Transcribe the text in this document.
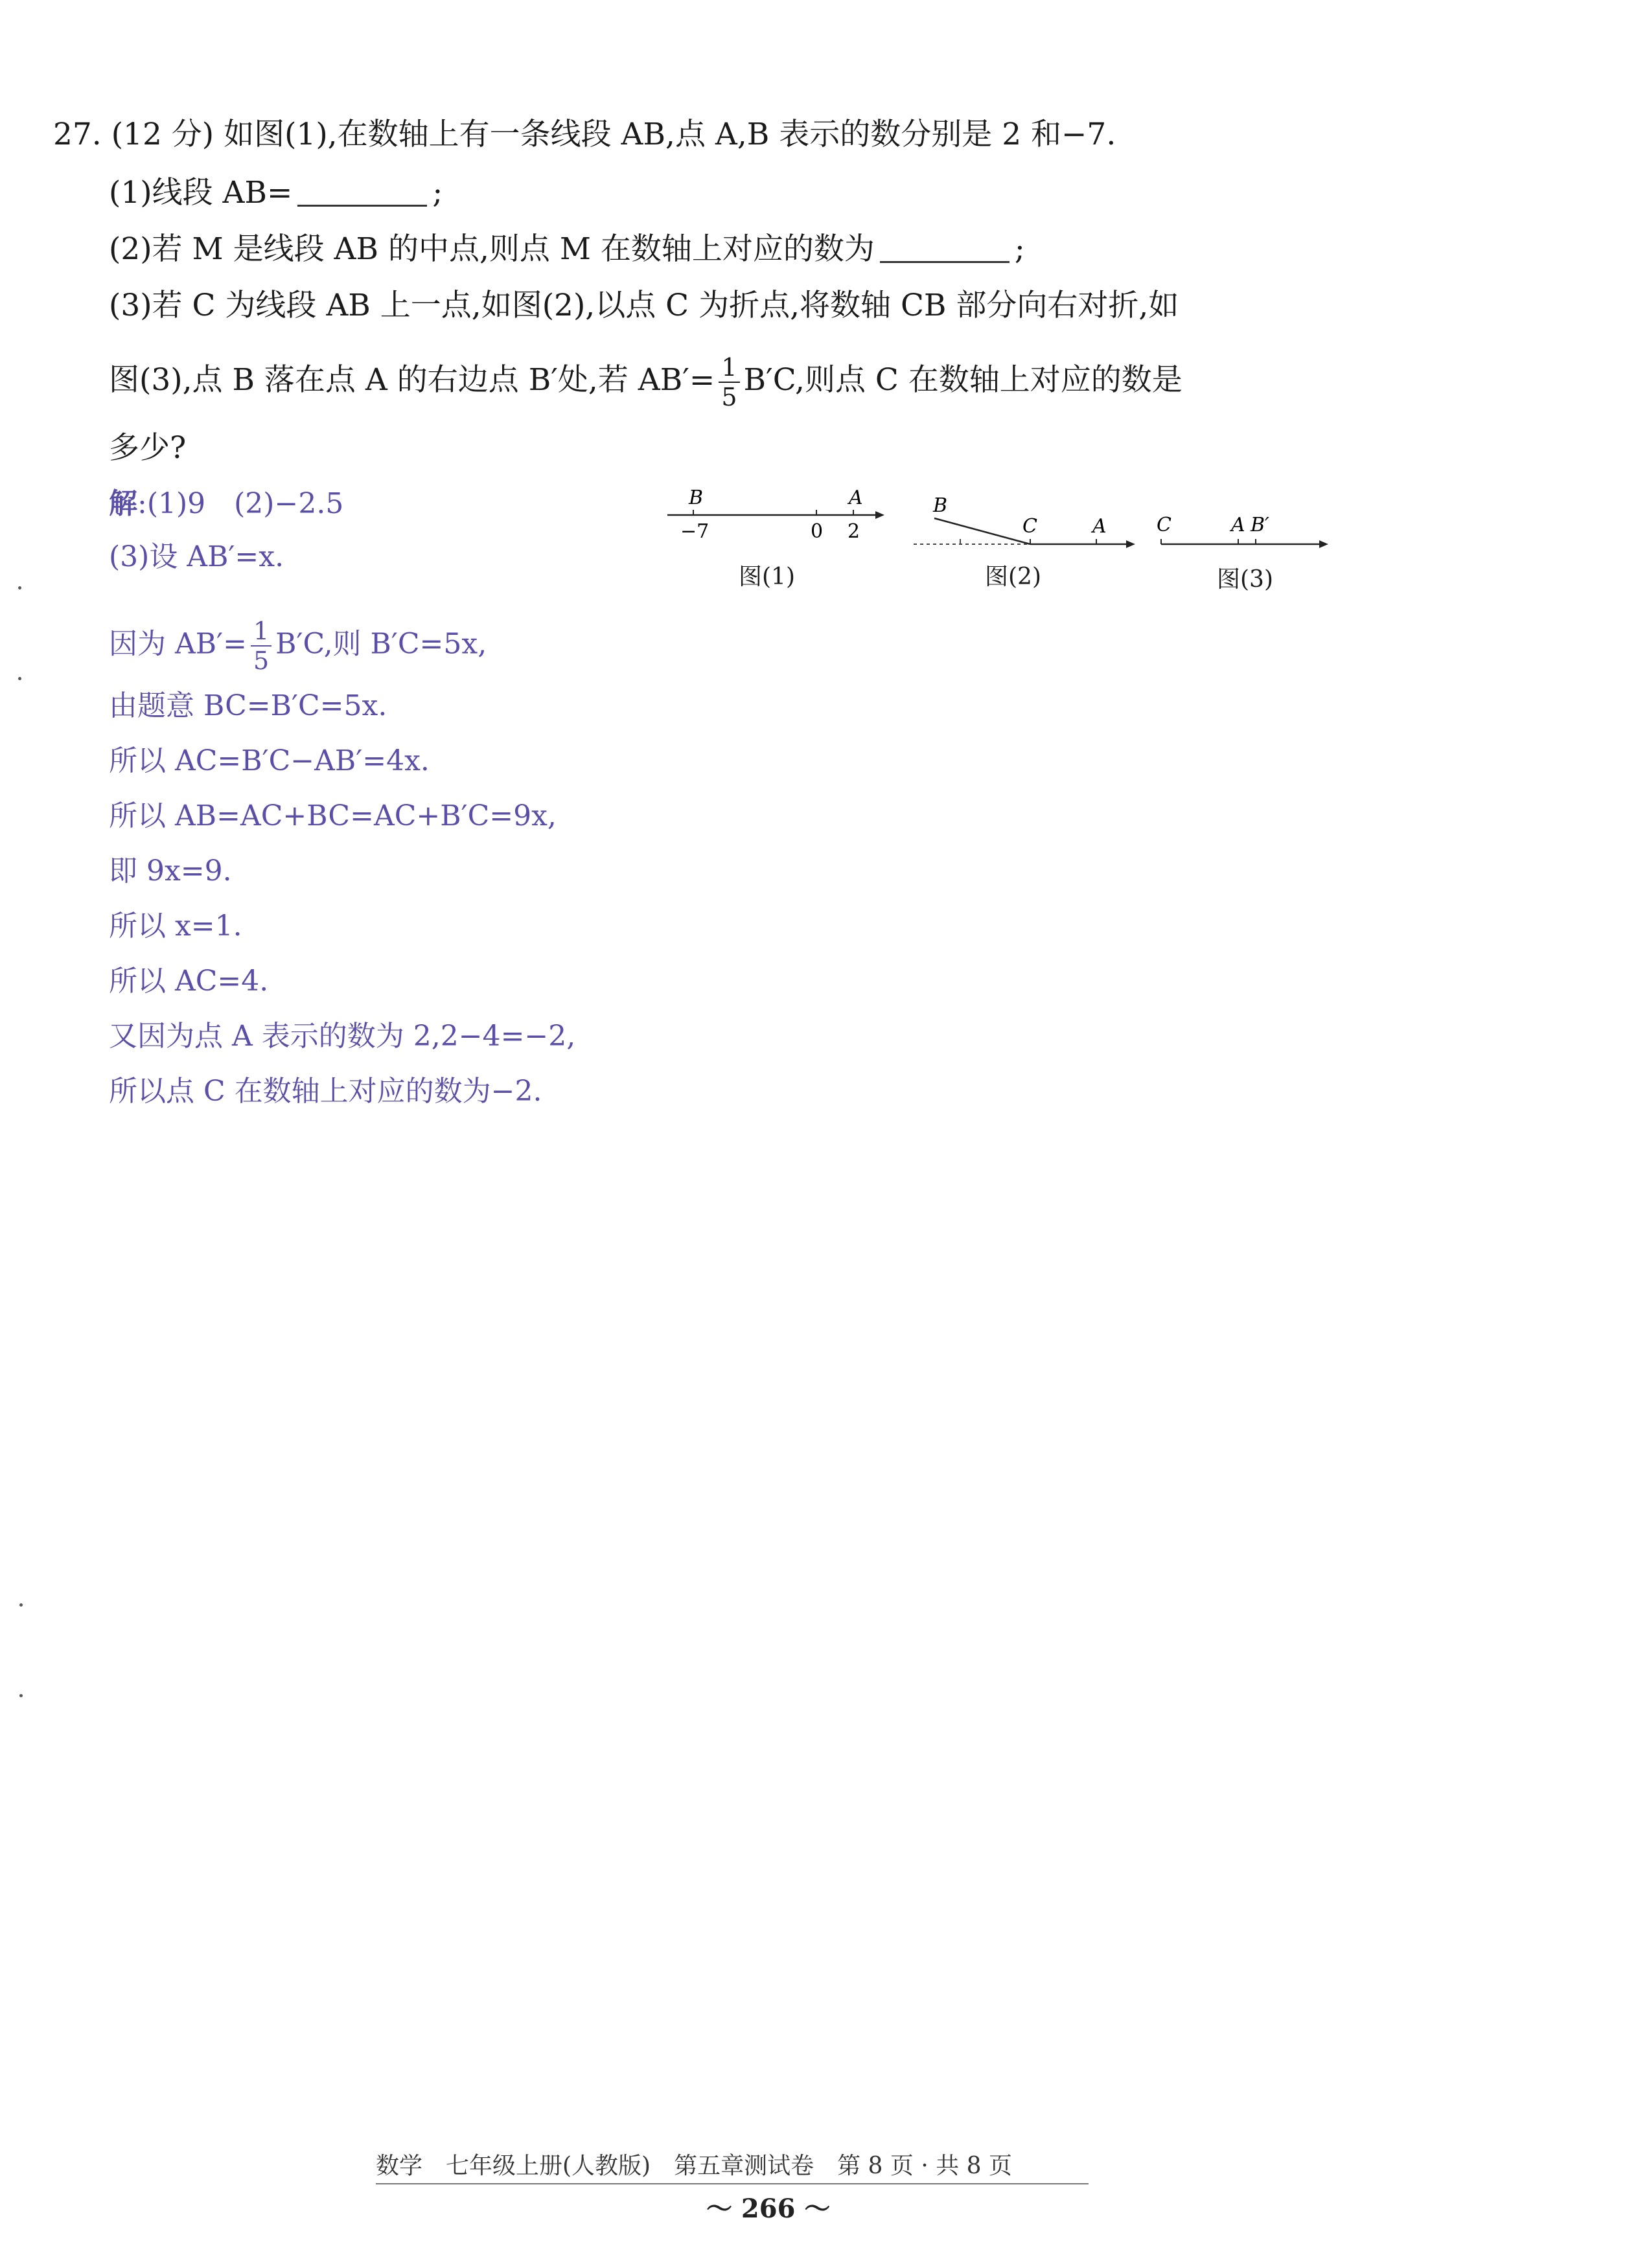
27. (12 分) 如图(1),在数轴上有一条线段 AB,点 A,B 表示的数分别是 2 和−7.
(1)线段 AB=	;
(2)若 M 是线段 AB 的中点,则点 M 在数轴上对应的数为	;
(3)若 C 为线段 AB 上一点,如图(2),以点 C 为折点,将数轴 CB 部分向右对折,如
图(3),点 B 落在点 A 的右边点 B′处,若 $AB'= \frac{1}{5} B'C$,则点 C 在数轴上对应的数是
多少?
解:(1)9　(2)−2.5
(3)设 AB′=x.
因为 $AB'= \frac{1}{5} B'C$,则 B′C=5x,
由题意 BC=B′C=5x.
所以 AC=B′C−AB′=4x.
所以 AB=AC+BC=AC+B′C=9x,
即 9x=9.
所以 x=1.
所以 AC=4.
又因为点 A 表示的数为 2,2−4=−2,
所以点 C 在数轴上对应的数为−2.
B	A
−7	0 2
图(1)
B
C	A
图(2)
C	A B′
图(3)
数学　七年级上册(人教版)　第五章测试卷　第 8 页 · 共 8 页
～ 266 ～
